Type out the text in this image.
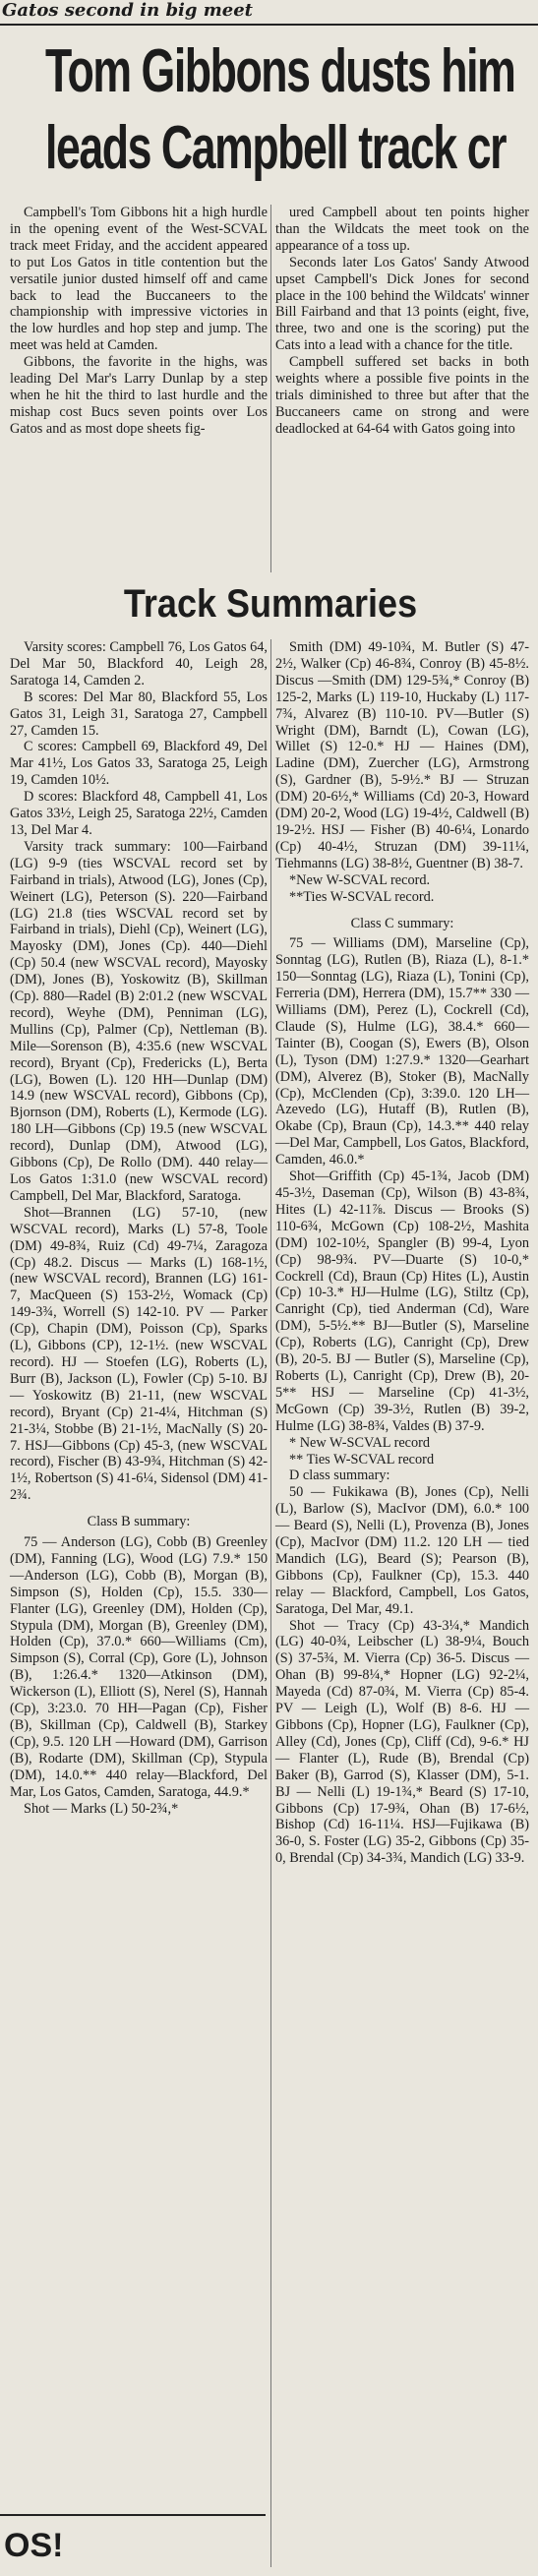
Gatos second in big meet
Tom Gibbons dusts him
leads Campbell track cr

Campbell's Tom Gibbons hit a high hurdle in the opening event of the West-SCVAL track meet Friday, and the accident appeared to put Los Gatos in title contention but the versatile junior dusted himself off and came back to lead the Buccaneers to the championship with impressive victories in the low hurdles and hop step and jump. The meet was held at Camden.

Gibbons, the favorite in the highs, was leading Del Mar's Larry Dunlap by a step when he hit the third to last hurdle and the mishap cost Bucs seven points over Los Gatos and as most dope sheets fig-

ured Campbell about ten points higher than the Wildcats the meet took on the appearance of a toss up.

Seconds later Los Gatos' Sandy Atwood upset Campbell's Dick Jones for second place in the 100 behind the Wildcats' winner Bill Fairband and that 13 points (eight, five, three, two and one is the scoring) put the Cats into a lead with a chance for the title.

Campbell suffered set backs in both weights where a possible five points in the trials diminished to three but after that the Buccaneers came on strong and were deadlocked at 64-64 with Gatos going into

Track Summaries

Varsity scores: Campbell 76, Los Gatos 64, Del Mar 50, Blackford 40, Leigh 28, Saratoga 14, Camden 2.

B scores: Del Mar 80, Blackford 55, Los Gatos 31, Leigh 31, Saratoga 27, Campbell 27, Camden 15.

C scores: Campbell 69, Blackford 49, Del Mar 41½, Los Gatos 33, Saratoga 25, Leigh 19, Camden 10½.

D scores: Blackford 48, Campbell 41, Los Gatos 33½, Leigh 25, Saratoga 22½, Camden 13, Del Mar 4.

Varsity track summary: 100—Fairband (LG) 9-9 (ties WSCVAL record set by Fairband in trials), Atwood (LG), Jones (Cp), Weinert (LG), Peterson (S). 220—Fairband (LG) 21.8 (ties WSCVAL record set by Fairband in trials), Diehl (Cp), Weinert (LG), Mayosky (DM), Jones (Cp). 440—Diehl (Cp) 50.4 (new WSCVAL record), Mayosky (DM), Jones (B), Yoskowitz (B), Skillman (Cp). 880—Radel (B) 2:01.2 (new WSCVAL record), Weyhe (DM), Penniman (LG), Mullins (Cp), Palmer (Cp), Nettleman (B). Mile—Sorenson (B), 4:35.6 (new WSCVAL record), Bryant (Cp), Fredericks (L), Berta (LG), Bowen (L). 120 HH—Dunlap (DM) 14.9 (new WSCVAL record), Gibbons (Cp), Bjornson (DM), Roberts (L), Kermode (LG). 180 LH—Gibbons (Cp) 19.5 (new WSCVAL record), Dunlap (DM), Atwood (LG), Gibbons (Cp), De Rollo (DM). 440 relay—Los Gatos 1:31.0 (new WSCVAL record) Campbell, Del Mar, Blackford, Saratoga.

Shot—Brannen (LG) 57-10, (new WSCVAL record), Marks (L) 57-8, Toole (DM) 49-8¾, Ruiz (Cd) 49-7¼, Zaragoza (Cp) 48.2. Discus — Marks (L) 168-1½, (new WSCVAL record), Brannen (LG) 161-7, MacQueen (S) 153-2½, Womack (Cp) 149-3¾, Worrell (S) 142-10. PV — Parker (Cp), Chapin (DM), Poisson (Cp), Sparks (L), Gibbons (CP), 12-1½. (new WSCVAL record). HJ — Stoefen (LG), Roberts (L), Burr (B), Jackson (L), Fowler (Cp) 5-10. BJ — Yoskowitz (B) 21-11, (new WSCVAL record), Bryant (Cp) 21-4¼, Hitchman (S) 21-3¼, Stobbe (B) 21-1½, MacNally (S) 20-7. HSJ—Gibbons (Cp) 45-3, (new WSCVAL record), Fischer (B) 43-9¾, Hitchman (S) 42-1½, Robertson (S) 41-6¼, Sidensol (DM) 41-2¾.

Class B summary:

75 — Anderson (LG), Cobb (B) Greenley (DM), Fanning (LG), Wood (LG) 7.9.* 150—Anderson (LG), Cobb (B), Morgan (B), Simpson (S), Holden (Cp), 15.5. 330—Flanter (LG), Greenley (DM), Holden (Cp), Stypula (DM), Morgan (B), Greenley (DM), Holden (Cp), 37.0.* 660—Williams (Cm), Simpson (S), Corral (Cp), Gore (L), Johnson (B), 1:26.4.* 1320—Atkinson (DM), Wickerson (L), Elliott (S), Nerel (S), Hannah (Cp), 3:23.0. 70 HH—Pagan (Cp), Fisher (B), Skillman (Cp), Caldwell (B), Starkey (Cp), 9.5. 120 LH —Howard (DM), Garrison (B), Rodarte (DM), Skillman (Cp), Stypula (DM), 14.0.** 440 relay—Blackford, Del Mar, Los Gatos, Camden, Saratoga, 44.9.*

Shot — Marks (L) 50-2¾,*

Smith (DM) 49-10¾, M. Butler (S) 47-2½, Walker (Cp) 46-8¾, Conroy (B) 45-8½. Discus —Smith (DM) 129-5¾,* Conroy (B) 125-2, Marks (L) 119-10, Huckaby (L) 117-7¾, Alvarez (B) 110-10. PV—Butler (S) Wright (DM), Barndt (L), Cowan (LG), Willet (S) 12-0.* HJ — Haines (DM), Ladine (DM), Zuercher (LG), Armstrong (S), Gardner (B), 5-9½.* BJ — Struzan (DM) 20-6½,* Williams (Cd) 20-3, Howard (DM) 20-2, Wood (LG) 19-4½, Caldwell (B) 19-2½. HSJ — Fisher (B) 40-6¼, Lonardo (Cp) 40-4½, Struzan (DM) 39-11¼, Tiehmanns (LG) 38-8½, Guentner (B) 38-7.

*New W-SCVAL record.

**Ties W-SCVAL record.

Class C summary:

75 — Williams (DM), Marseline (Cp), Sonntag (LG), Rutlen (B), Riaza (L), 8-1.* 150—Sonntag (LG), Riaza (L), Tonini (Cp), Ferreria (DM), Herrera (DM), 15.7** 330 — Williams (DM), Perez (L), Cockrell (Cd), Claude (S), Hulme (LG), 38.4.* 660—Tainter (B), Coogan (S), Ewers (B), Olson (L), Tyson (DM) 1:27.9.* 1320—Gearhart (DM), Alverez (B), Stoker (B), MacNally (Cp), McClenden (Cp), 3:39.0. 120 LH—Azevedo (LG), Hutaff (B), Rutlen (B), Okabe (Cp), Braun (Cp), 14.3.** 440 relay—Del Mar, Campbell, Los Gatos, Blackford, Camden, 46.0.*

Shot—Griffith (Cp) 45-1¾, Jacob (DM) 45-3½, Daseman (Cp), Wilson (B) 43-8¾, Hites (L) 42-11⅞. Discus — Brooks (S) 110-6¾, McGown (Cp) 108-2½, Mashita (DM) 102-10½, Spangler (B) 99-4, Lyon (Cp) 98-9¾. PV—Duarte (S) 10-0,* Cockrell (Cd), Braun (Cp) Hites (L), Austin (Cp) 10-3.* HJ—Hulme (LG), Stiltz (Cp), Canright (Cp), tied Anderman (Cd), Ware (DM), 5-5½.** BJ—Butler (S), Marseline (Cp), Roberts (LG), Canright (Cp), Drew (B), 20-5. BJ — Butler (S), Marseline (Cp), Roberts (L), Canright (Cp), Drew (B), 20-5** HSJ — Marseline (Cp) 41-3½, McGown (Cp) 39-3½, Rutlen (B) 39-2, Hulme (LG) 38-8¾, Valdes (B) 37-9.

* New W-SCVAL record

** Ties W-SCVAL record

D class summary:

50 — Fukikawa (B), Jones (Cp), Nelli (L), Barlow (S), MacIvor (DM), 6.0.* 100 — Beard (S), Nelli (L), Provenza (B), Jones (Cp), MacIvor (DM) 11.2. 120 LH — tied Mandich (LG), Beard (S); Pearson (B), Gibbons (Cp), Faulkner (Cp), 15.3. 440 relay — Blackford, Campbell, Los Gatos, Saratoga, Del Mar, 49.1.

Shot — Tracy (Cp) 43-3¼,* Mandich (LG) 40-0¾, Leibscher (L) 38-9¼, Bouch (S) 37-5¾, M. Vierra (Cp) 36-5. Discus — Ohan (B) 99-8¼,* Hopner (LG) 92-2¼, Mayeda (Cd) 87-0¾, M. Vierra (Cp) 85-4. PV — Leigh (L), Wolf (B) 8-6. HJ — Gibbons (Cp), Hopner (LG), Faulkner (Cp), Alley (Cd), Jones (Cp), Cliff (Cd), 9-6.* HJ — Flanter (L), Rude (B), Brendal (Cp) Baker (B), Garrod (S), Klasser (DM), 5-1. BJ — Nelli (L) 19-1¾,* Beard (S) 17-10, Gibbons (Cp) 17-9¾, Ohan (B) 17-6½, Bishop (Cd) 16-11¼. HSJ—Fujikawa (B) 36-0, S. Foster (LG) 35-2, Gibbons (Cp) 35-0, Brendal (Cp) 34-3¾, Mandich (LG) 33-9.

OS!
